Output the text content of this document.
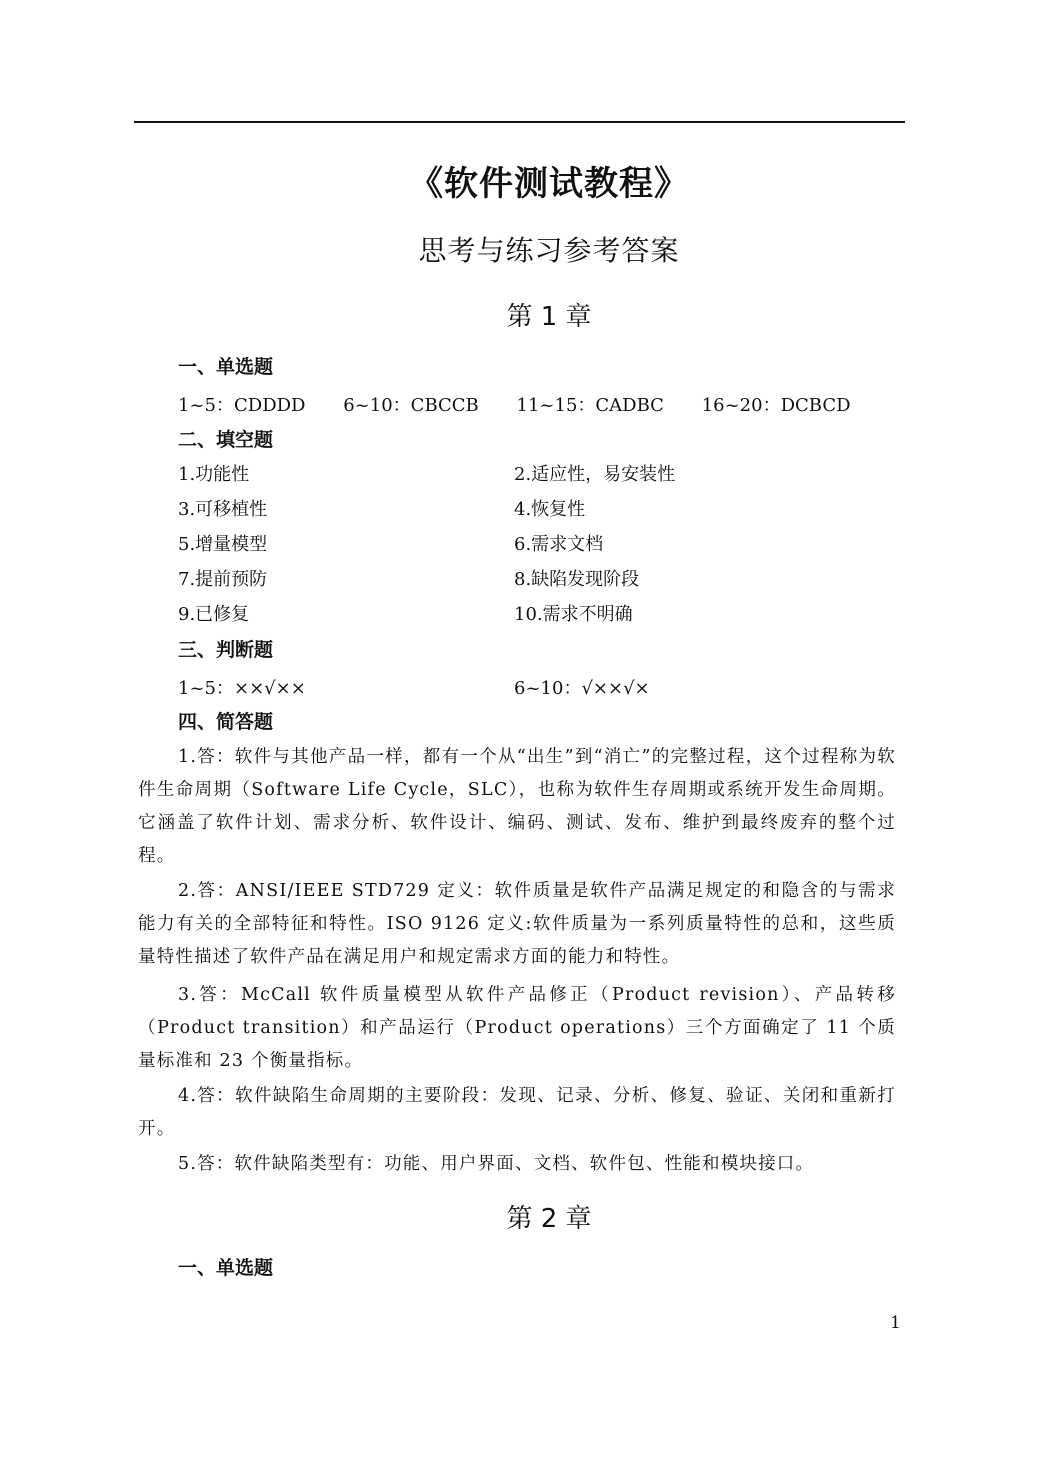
《软件测试教程》
思考与练习参考答案
第 1 章
一、单选题
1~5：CDDDD 6~10：CBCCB 11~15：CADBC 16~20：DCBCD
二、填空题
1.功能性	2.适应性，易安装性
3.可移植性	4.恢复性
5.增量模型	6.需求文档
7.提前预防	8.缺陷发现阶段
9.已修复	10.需求不明确
三、判断题
1~5：××√××	6~10：√××√×
四、简答题
1.答：软件与其他产品一样，都有一个从“出生”到“消亡”的完整过程，这个过程称为软件生命周期（Software Life Cycle，SLC），也称为软件生存周期或系统开发生命周期。它涵盖了软件计划、需求分析、软件设计、编码、测试、发布、维护到最终废弃的整个过程。
2.答：ANSI/IEEE STD729 定义：软件质量是软件产品满足规定的和隐含的与需求能力有关的全部特征和特性。ISO 9126 定义:软件质量为一系列质量特性的总和，这些质量特性描述了软件产品在满足用户和规定需求方面的能力和特性。
3.答：McCall 软件质量模型从软件产品修正（Product revision）、产品转移（Product transition）和产品运行（Product operations）三个方面确定了 11 个质量标准和 23 个衡量指标。
4.答：软件缺陷生命周期的主要阶段：发现、记录、分析、修复、验证、关闭和重新打开。
5.答：软件缺陷类型有：功能、用户界面、文档、软件包、性能和模块接口。
第 2 章
一、单选题
1
